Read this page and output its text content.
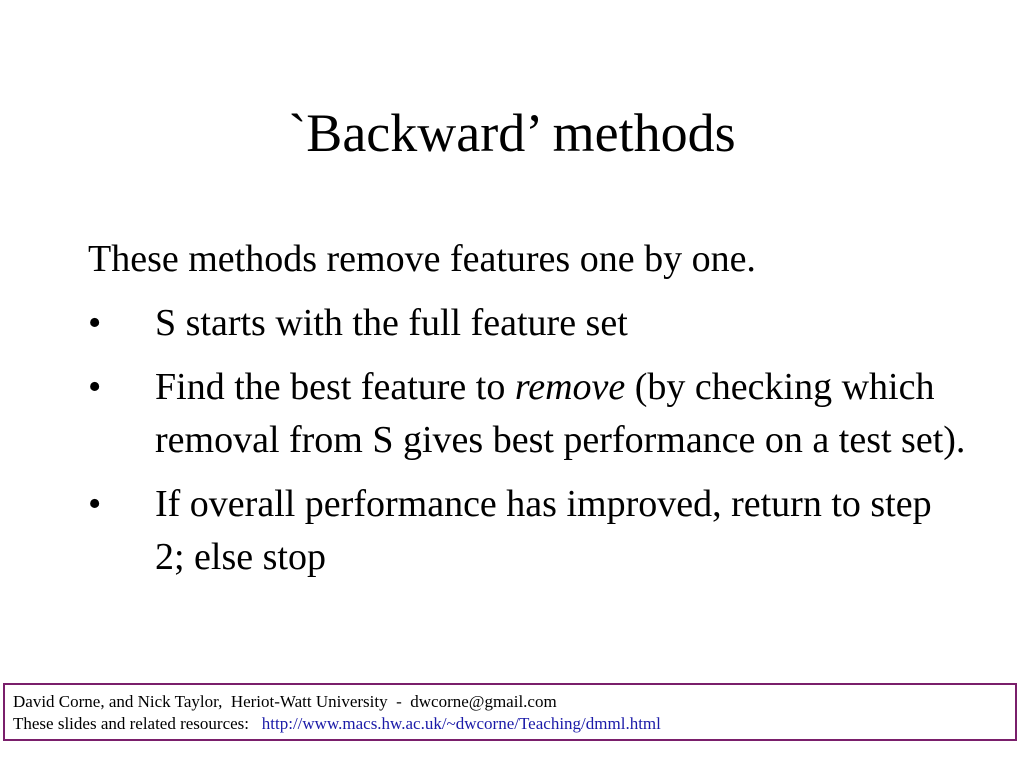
`Backward’ methods

These methods remove features one by one.

• S starts with the full feature set
• Find the best feature to remove (by checking which removal from S gives best performance on a test set).
• If overall performance has improved, return to step 2; else stop
David Corne, and Nick Taylor,  Heriot-Watt University  -  dwcorne@gmail.com
These slides and related resources:   http://www.macs.hw.ac.uk/~dwcorne/Teaching/dmml.html
